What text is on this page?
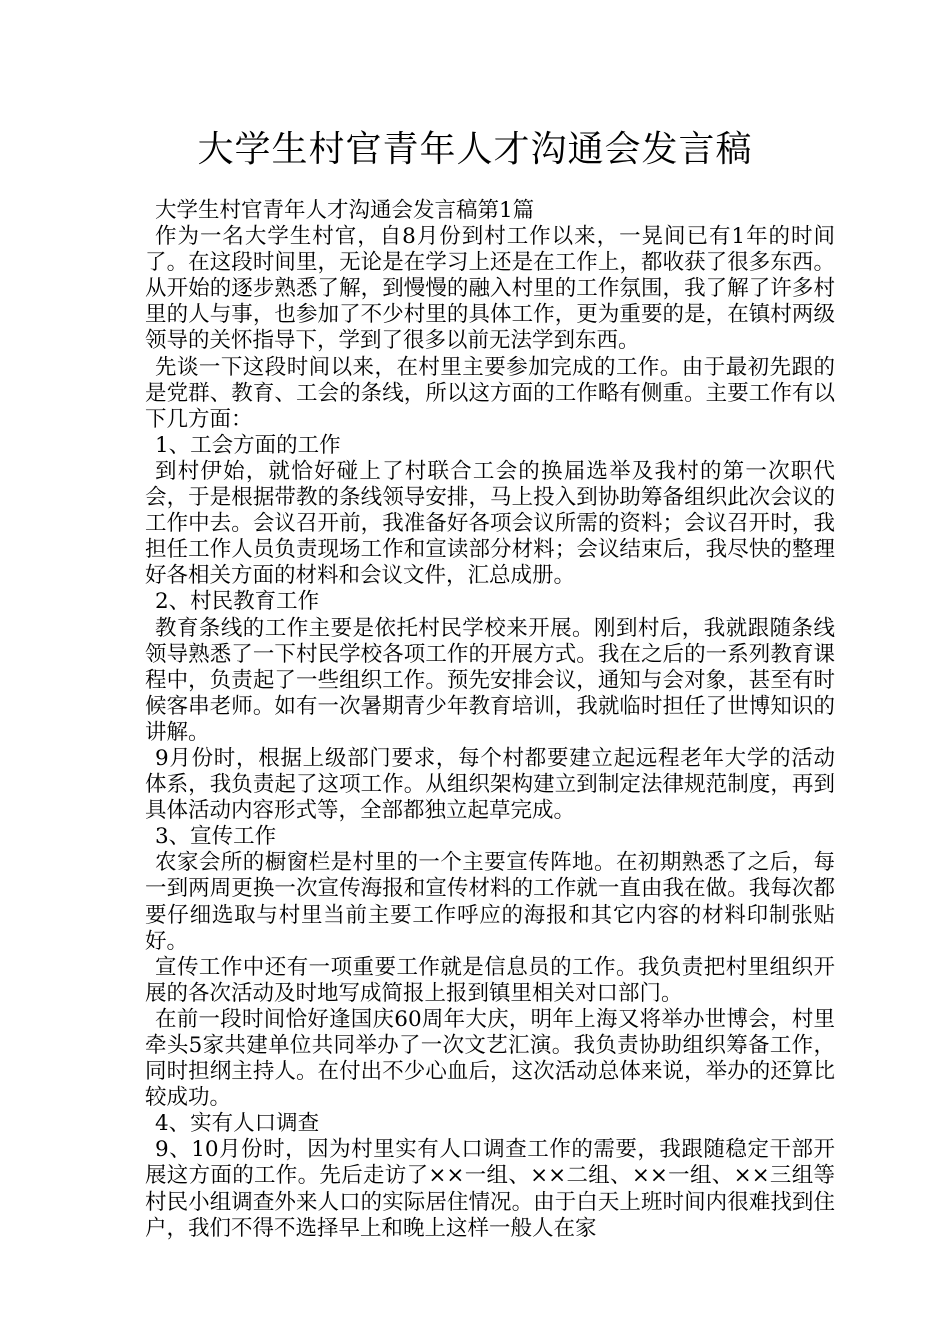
大学生村官青年人才沟通会发言稿

大学生村官青年人才沟通会发言稿第1篇

作为一名大学生村官，自8月份到村工作以来，一晃间已有1年的时间了。在这段时间里，无论是在学习上还是在工作上，都收获了很多东西。从开始的逐步熟悉了解，到慢慢的融入村里的工作氛围，我了解了许多村里的人与事，也参加了不少村里的具体工作，更为重要的是，在镇村两级领导的关怀指导下，学到了很多以前无法学到东西。

先谈一下这段时间以来，在村里主要参加完成的工作。由于最初先跟的是党群、教育、工会的条线，所以这方面的工作略有侧重。主要工作有以下几方面：

1、工会方面的工作

到村伊始，就恰好碰上了村联合工会的换届选举及我村的第一次职代会，于是根据带教的条线领导安排，马上投入到协助筹备组织此次会议的工作中去。会议召开前，我准备好各项会议所需的资料；会议召开时，我担任工作人员负责现场工作和宣读部分材料；会议结束后，我尽快的整理好各相关方面的材料和会议文件，汇总成册。

2、村民教育工作

教育条线的工作主要是依托村民学校来开展。刚到村后，我就跟随条线领导熟悉了一下村民学校各项工作的开展方式。我在之后的一系列教育课程中，负责起了一些组织工作。预先安排会议，通知与会对象，甚至有时候客串老师。如有一次暑期青少年教育培训，我就临时担任了世博知识的讲解。

9月份时，根据上级部门要求，每个村都要建立起远程老年大学的活动体系，我负责起了这项工作。从组织架构建立到制定法律规范制度，再到具体活动内容形式等，全部都独立起草完成。

3、宣传工作

农家会所的橱窗栏是村里的一个主要宣传阵地。在初期熟悉了之后，每一到两周更换一次宣传海报和宣传材料的工作就一直由我在做。我每次都要仔细选取与村里当前主要工作呼应的海报和其它内容的材料印制张贴好。

宣传工作中还有一项重要工作就是信息员的工作。我负责把村里组织开展的各次活动及时地写成简报上报到镇里相关对口部门。

在前一段时间恰好逢国庆60周年大庆，明年上海又将举办世博会，村里牵头5家共建单位共同举办了一次文艺汇演。我负责协助组织筹备工作，同时担纲主持人。在付出不少心血后，这次活动总体来说，举办的还算比较成功。

4、实有人口调查

9、10月份时，因为村里实有人口调查工作的需要，我跟随稳定干部开展这方面的工作。先后走访了××一组、××二组、××一组、××三组等村民小组调查外来人口的实际居住情况。由于白天上班时间内很难找到住户，我们不得不选择早上和晚上这样一般人在家
